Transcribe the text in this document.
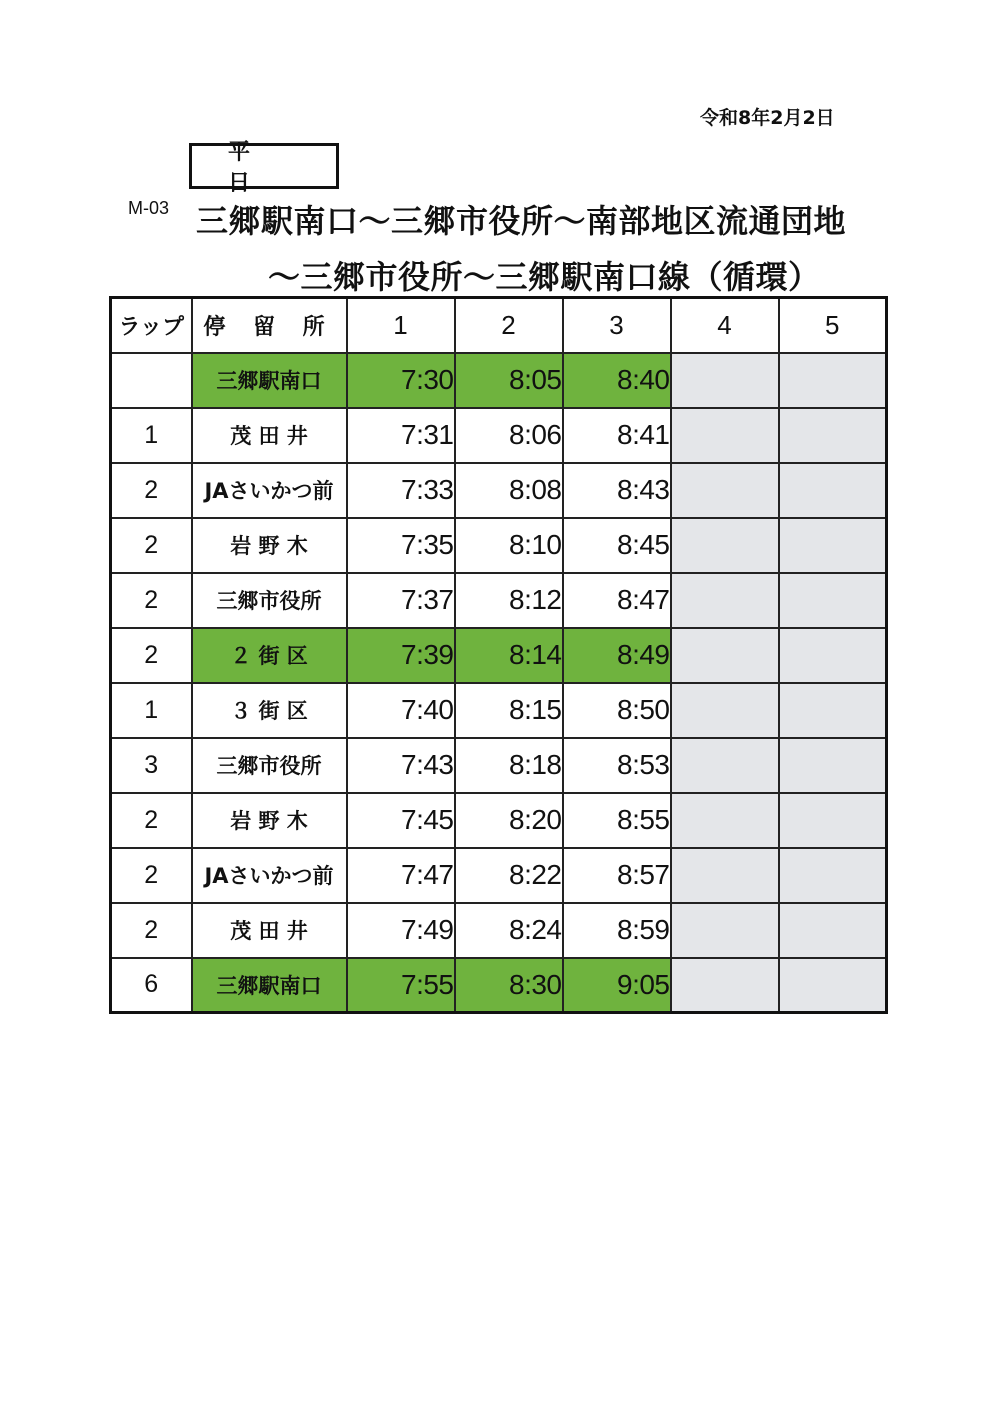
令和8年2月2日
平 日
M-03 三郷駅南口～三郷市役所～南部地区流通団地
～三郷市役所～三郷駅南口線（循環）
ラップ	停 留 所	1	2	3	4	5
	三郷駅南口	7:30	8:05	8:40		
1	茂 田 井	7:31	8:06	8:41		
2	JAさいかつ前	7:33	8:08	8:43		
2	岩 野 木	7:35	8:10	8:45		
2	三郷市役所	7:37	8:12	8:47		
2	２ 街 区	7:39	8:14	8:49		
1	３ 街 区	7:40	8:15	8:50		
3	三郷市役所	7:43	8:18	8:53		
2	岩 野 木	7:45	8:20	8:55		
2	JAさいかつ前	7:47	8:22	8:57		
2	茂 田 井	7:49	8:24	8:59		
6	三郷駅南口	7:55	8:30	9:05		
